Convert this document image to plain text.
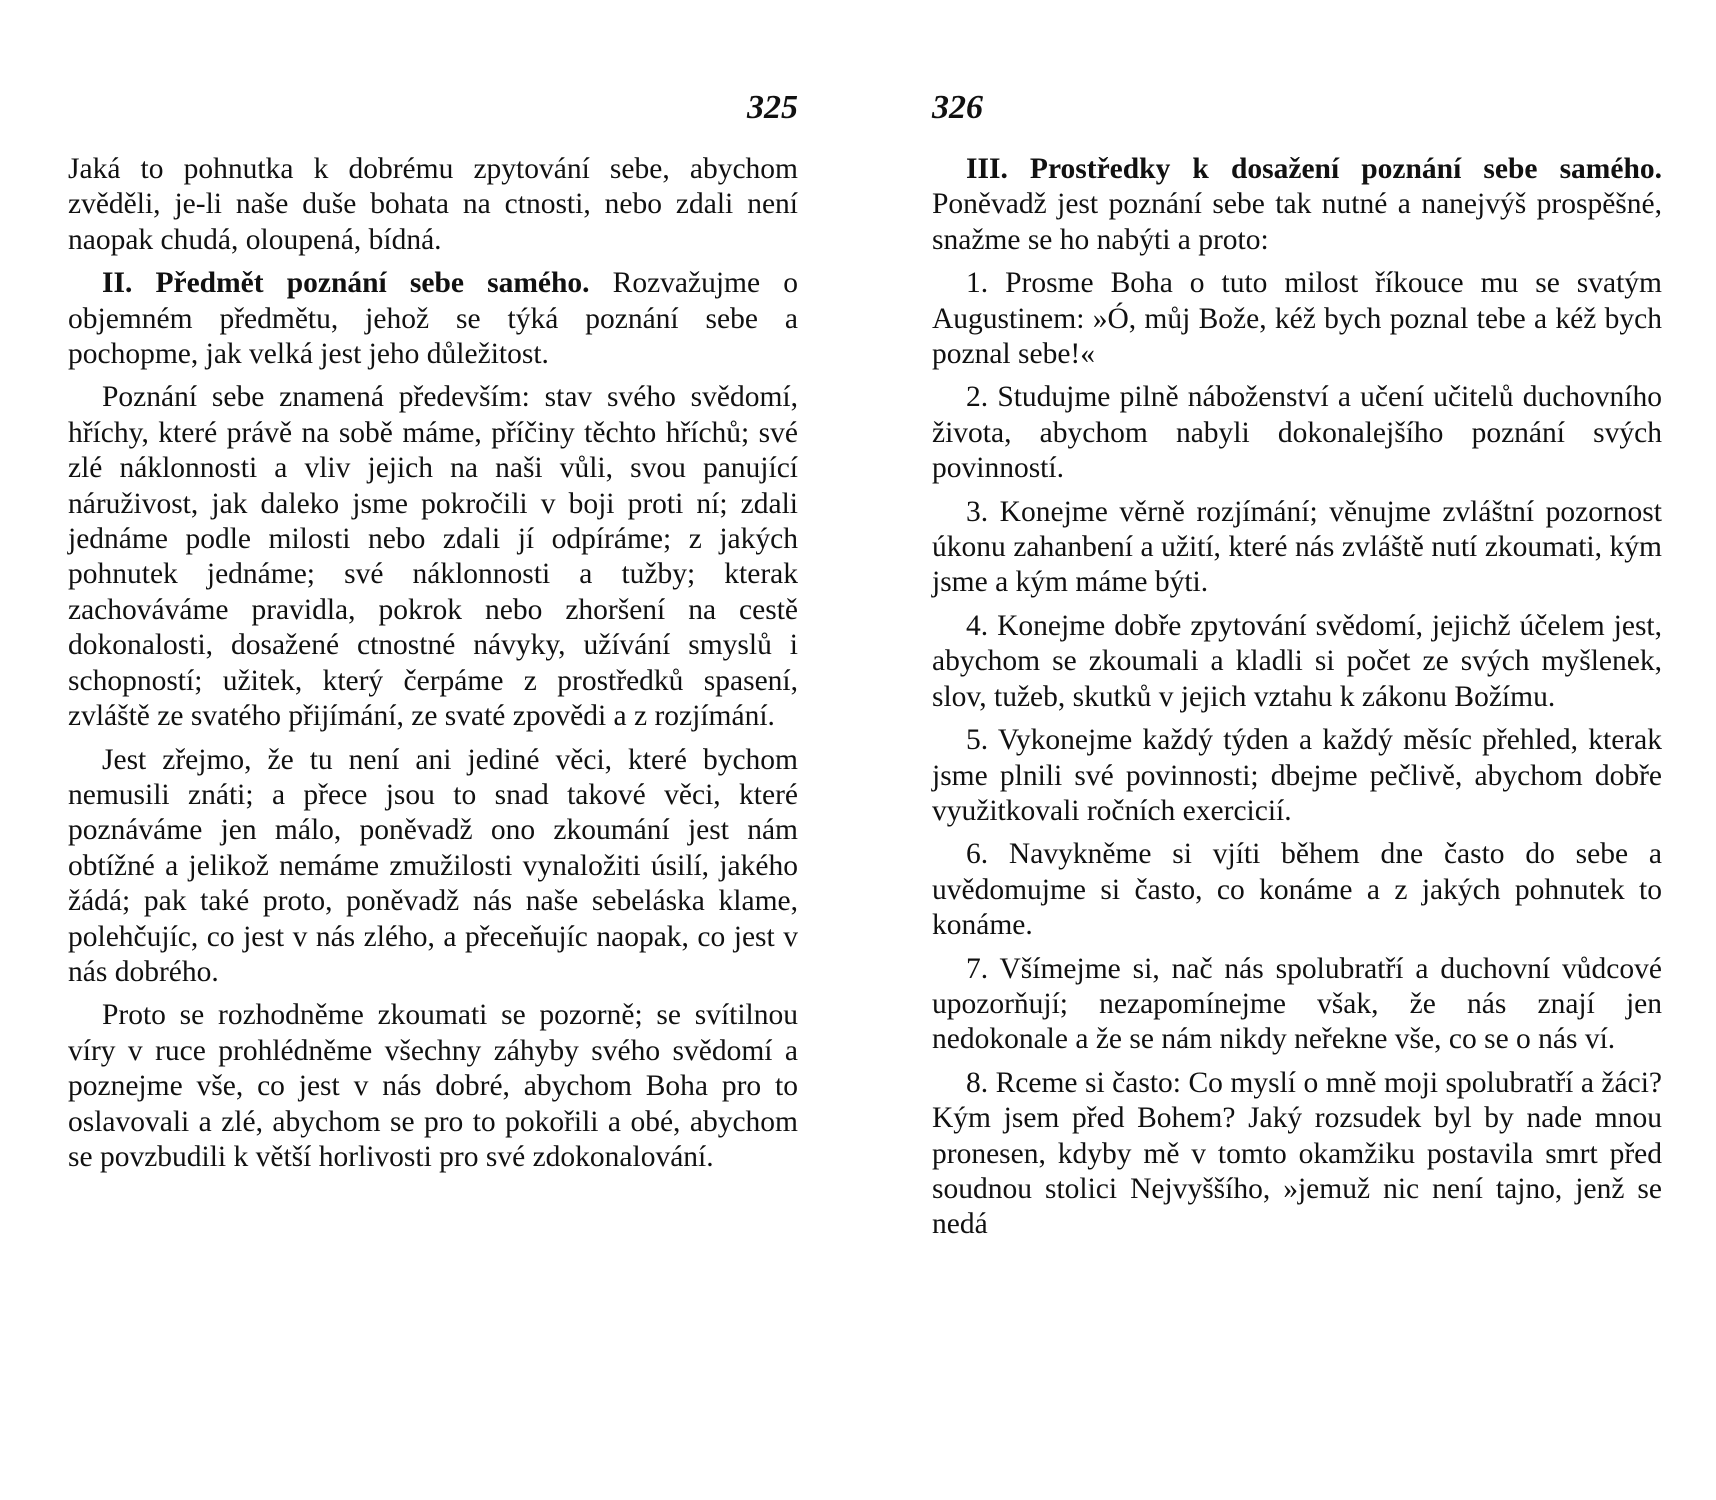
325

Jaká to pohnutka k dobrému zpytování sebe, abychom zvěděli, je-li naše duše bohata na ctnosti, nebo zdali není naopak chudá, oloupená, bídná.

II. Předmět poznání sebe samého. Rozvažujme o objemném předmětu, jehož se týká poznání sebe a pochopme, jak velká jest jeho důležitost.

Poznání sebe znamená především: stav svého svědomí, hříchy, které právě na sobě máme, příčiny těchto hříchů; své zlé náklonnosti a vliv jejich na naši vůli, svou panující náruživost, jak daleko jsme pokročili v boji proti ní; zdali jednáme podle milosti nebo zdali jí odpíráme; z jakých pohnutek jednáme; své náklonnosti a tužby; kterak zachováváme pravidla, pokrok nebo zhoršení na cestě dokonalosti, dosažené ctnostné návyky, užívání smyslů i schopností; užitek, který čerpáme z prostředků spasení, zvláště ze svatého přijímání, ze svaté zpovědi a z rozjímání.

Jest zřejmo, že tu není ani jediné věci, které bychom nemusili znáti; a přece jsou to snad takové věci, které poznáváme jen málo, poněvadž ono zkoumání jest nám obtížné a jelikož nemáme zmužilosti vynaložiti úsilí, jakého žádá; pak také proto, poněvadž nás naše sebeláska klame, polehčujíc, co jest v nás zlého, a přeceňujíc naopak, co jest v nás dobrého.

Proto se rozhodněme zkoumati se pozorně; se svítilnou víry v ruce prohlédněme všechny záhyby svého svědomí a poznejme vše, co jest v nás dobré, abychom Boha pro to oslavovali a zlé, abychom se pro to pokořili a obé, abychom se povzbudili k větší horlivosti pro své zdokonalování.

326

III. Prostředky k dosažení poznání sebe samého. Poněvadž jest poznání sebe tak nutné a nanejvýš prospěšné, snažme se ho nabýti a proto:

1. Prosme Boha o tuto milost říkouce mu se svatým Augustinem: »Ó, můj Bože, kéž bych poznal tebe a kéž bych poznal sebe!«

2. Studujme pilně náboženství a učení učitelů duchovního života, abychom nabyli dokonalejšího poznání svých povinností.

3. Konejme věrně rozjímání; věnujme zvláštní pozornost úkonu zahanbení a užití, které nás zvláště nutí zkoumati, kým jsme a kým máme býti.

4. Konejme dobře zpytování svědomí, jejichž účelem jest, abychom se zkoumali a kladli si počet ze svých myšlenek, slov, tužeb, skutků v jejich vztahu k zákonu Božímu.

5. Vykonejme každý týden a každý měsíc přehled, kterak jsme plnili své povinnosti; dbejme pečlivě, abychom dobře využitkovali ročních exercicií.

6. Navykněme si vjíti během dne často do sebe a uvědomujme si často, co konáme a z jakých pohnutek to konáme.

7. Všímejme si, nač nás spolubratří a duchovní vůdcové upozorňují; nezapomínejme však, že nás znají jen nedokonale a že se nám nikdy neřekne vše, co se o nás ví.

8. Rceme si často: Co myslí o mně moji spolubratří a žáci? Kým jsem před Bohem? Jaký rozsudek byl by nade mnou pronesen, kdyby mě v tomto okamžiku postavila smrt před soudnou stolici Nejvyššího, »jemuž nic není tajno, jenž se nedá
